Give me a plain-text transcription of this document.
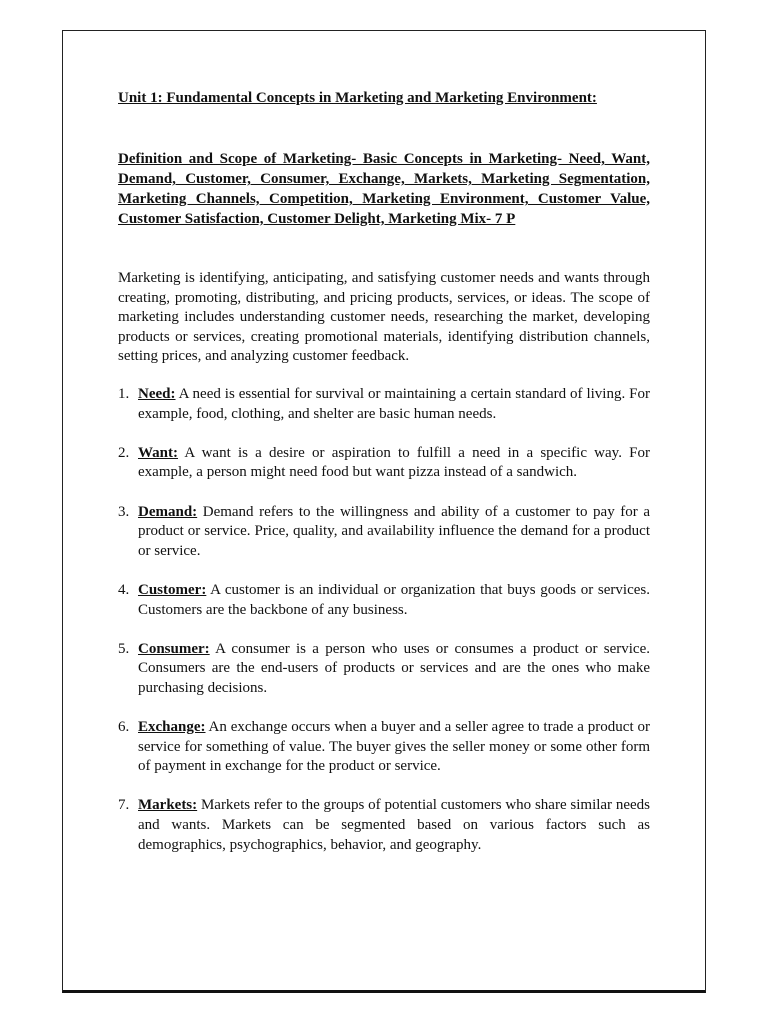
Unit 1: Fundamental Concepts in Marketing and Marketing Environment:
Definition and Scope of Marketing- Basic Concepts in Marketing- Need, Want, Demand, Customer, Consumer, Exchange, Markets, Marketing Segmentation, Marketing Channels, Competition, Marketing Environment, Customer Value, Customer Satisfaction, Customer Delight, Marketing Mix- 7 P

Marketing is identifying, anticipating, and satisfying customer needs and wants through creating, promoting, distributing, and pricing products, services, or ideas. The scope of marketing includes understanding customer needs, researching the market, developing products or services, creating promotional materials, identifying distribution channels, setting prices, and analyzing customer feedback.

1. Need: A need is essential for survival or maintaining a certain standard of living. For example, food, clothing, and shelter are basic human needs.
2. Want: A want is a desire or aspiration to fulfill a need in a specific way. For example, a person might need food but want pizza instead of a sandwich.
3. Demand: Demand refers to the willingness and ability of a customer to pay for a product or service. Price, quality, and availability influence the demand for a product or service.
4. Customer: A customer is an individual or organization that buys goods or services. Customers are the backbone of any business.
5. Consumer: A consumer is a person who uses or consumes a product or service. Consumers are the end-users of products or services and are the ones who make purchasing decisions.
6. Exchange: An exchange occurs when a buyer and a seller agree to trade a product or service for something of value. The buyer gives the seller money or some other form of payment in exchange for the product or service.
7. Markets: Markets refer to the groups of potential customers who share similar needs and wants. Markets can be segmented based on various factors such as demographics, psychographics, behavior, and geography.
